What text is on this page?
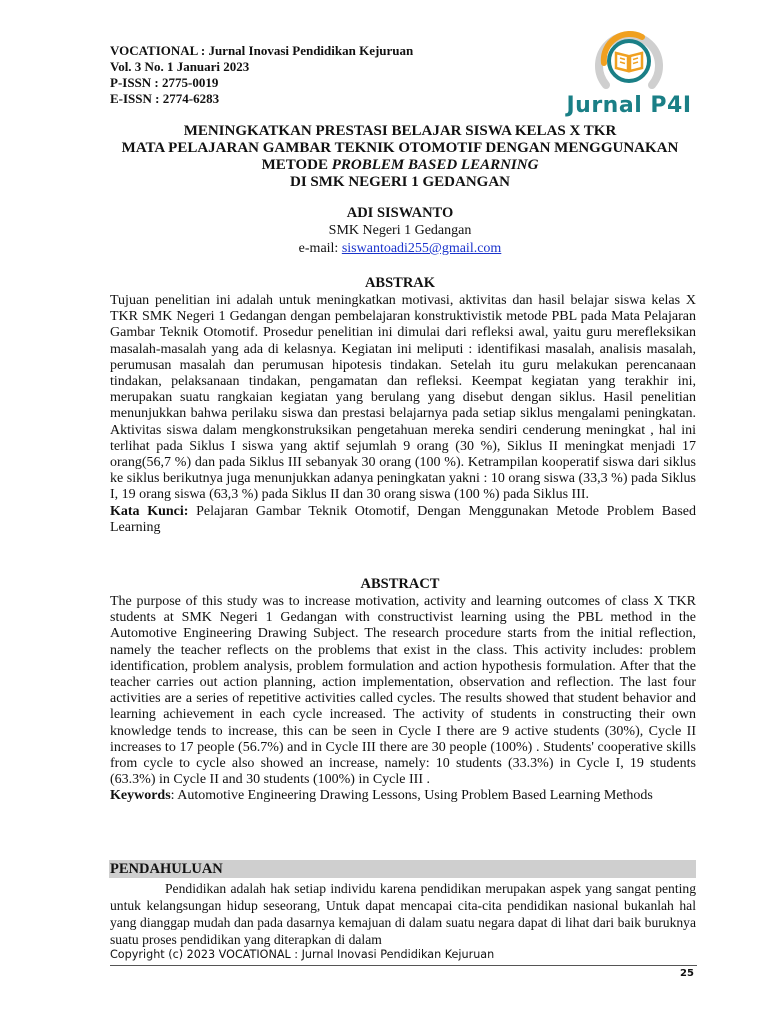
VOCATIONAL : Jurnal Inovasi Pendidikan Kejuruan
Vol. 3 No. 1 Januari 2023
P-ISSN : 2775-0019
E-ISSN : 2774-6283	Jurnal P4I
MENINGKATKAN PRESTASI BELAJAR SISWA KELAS X TKR
MATA PELAJARAN GAMBAR TEKNIK OTOMOTIF DENGAN MENGGUNAKAN
METODE PROBLEM BASED LEARNING
DI SMK NEGERI 1 GEDANGAN
ADI SISWANTO
SMK Negeri 1 Gedangan
e-mail: siswantoadi255@gmail.com
ABSTRAK

Tujuan penelitian ini adalah untuk meningkatkan motivasi, aktivitas dan hasil belajar siswa kelas X TKR SMK Negeri 1 Gedangan dengan pembelajaran konstruktivistik metode PBL pada Mata Pelajaran Gambar Teknik Otomotif. Prosedur penelitian ini dimulai dari refleksi awal, yaitu guru merefleksikan masalah-masalah yang ada di kelasnya. Kegiatan ini meliputi : identifikasi masalah, analisis masalah, perumusan masalah dan perumusan hipotesis tindakan. Setelah itu guru melakukan perencanaan tindakan, pelaksanaan tindakan, pengamatan dan refleksi. Keempat kegiatan yang terakhir ini, merupakan suatu rangkaian kegiatan yang berulang yang disebut dengan siklus. Hasil penelitian menunjukkan bahwa perilaku siswa dan prestasi belajarnya pada setiap siklus mengalami peningkatan. Aktivitas siswa dalam mengkonstruksikan pengetahuan mereka sendiri cenderung meningkat , hal ini terlihat pada Siklus I siswa yang aktif sejumlah 9 orang (30 %), Siklus II meningkat menjadi 17 orang(56,7 %) dan pada Siklus III sebanyak 30 orang (100 %). Ketrampilan kooperatif siswa dari siklus ke siklus berikutnya juga menunjukkan adanya peningkatan yakni : 10 orang siswa (33,3 %) pada Siklus I, 19 orang siswa (63,3 %) pada Siklus II dan 30 orang siswa (100 %) pada Siklus III.

Kata Kunci: Pelajaran Gambar Teknik Otomotif, Dengan Menggunakan Metode Problem Based Learning

ABSTRACT

The purpose of this study was to increase motivation, activity and learning outcomes of class X TKR students at SMK Negeri 1 Gedangan with constructivist learning using the PBL method in the Automotive Engineering Drawing Subject. The research procedure starts from the initial reflection, namely the teacher reflects on the problems that exist in the class. This activity includes: problem identification, problem analysis, problem formulation and action hypothesis formulation. After that the teacher carries out action planning, action implementation, observation and reflection. The last four activities are a series of repetitive activities called cycles. The results showed that student behavior and learning achievement in each cycle increased. The activity of students in constructing their own knowledge tends to increase, this can be seen in Cycle I there are 9 active students (30%), Cycle II increases to 17 people (56.7%) and in Cycle III there are 30 people (100%) . Students' cooperative skills from cycle to cycle also showed an increase, namely: 10 students (33.3%) in Cycle I, 19 students (63.3%) in Cycle II and 30 students (100%) in Cycle III .

Keywords: Automotive Engineering Drawing Lessons, Using Problem Based Learning Methods

PENDAHULUAN

Pendidikan adalah hak setiap individu karena pendidikan merupakan aspek yang sangat penting untuk kelangsungan hidup seseorang, Untuk dapat mencapai cita-cita pendidikan nasional bukanlah hal yang dianggap mudah dan pada dasarnya kemajuan di dalam suatu negara dapat di lihat dari baik buruknya suatu proses pendidikan yang diterapkan di dalam

Copyright (c) 2023 VOCATIONAL : Jurnal Inovasi Pendidikan Kejuruan
25
